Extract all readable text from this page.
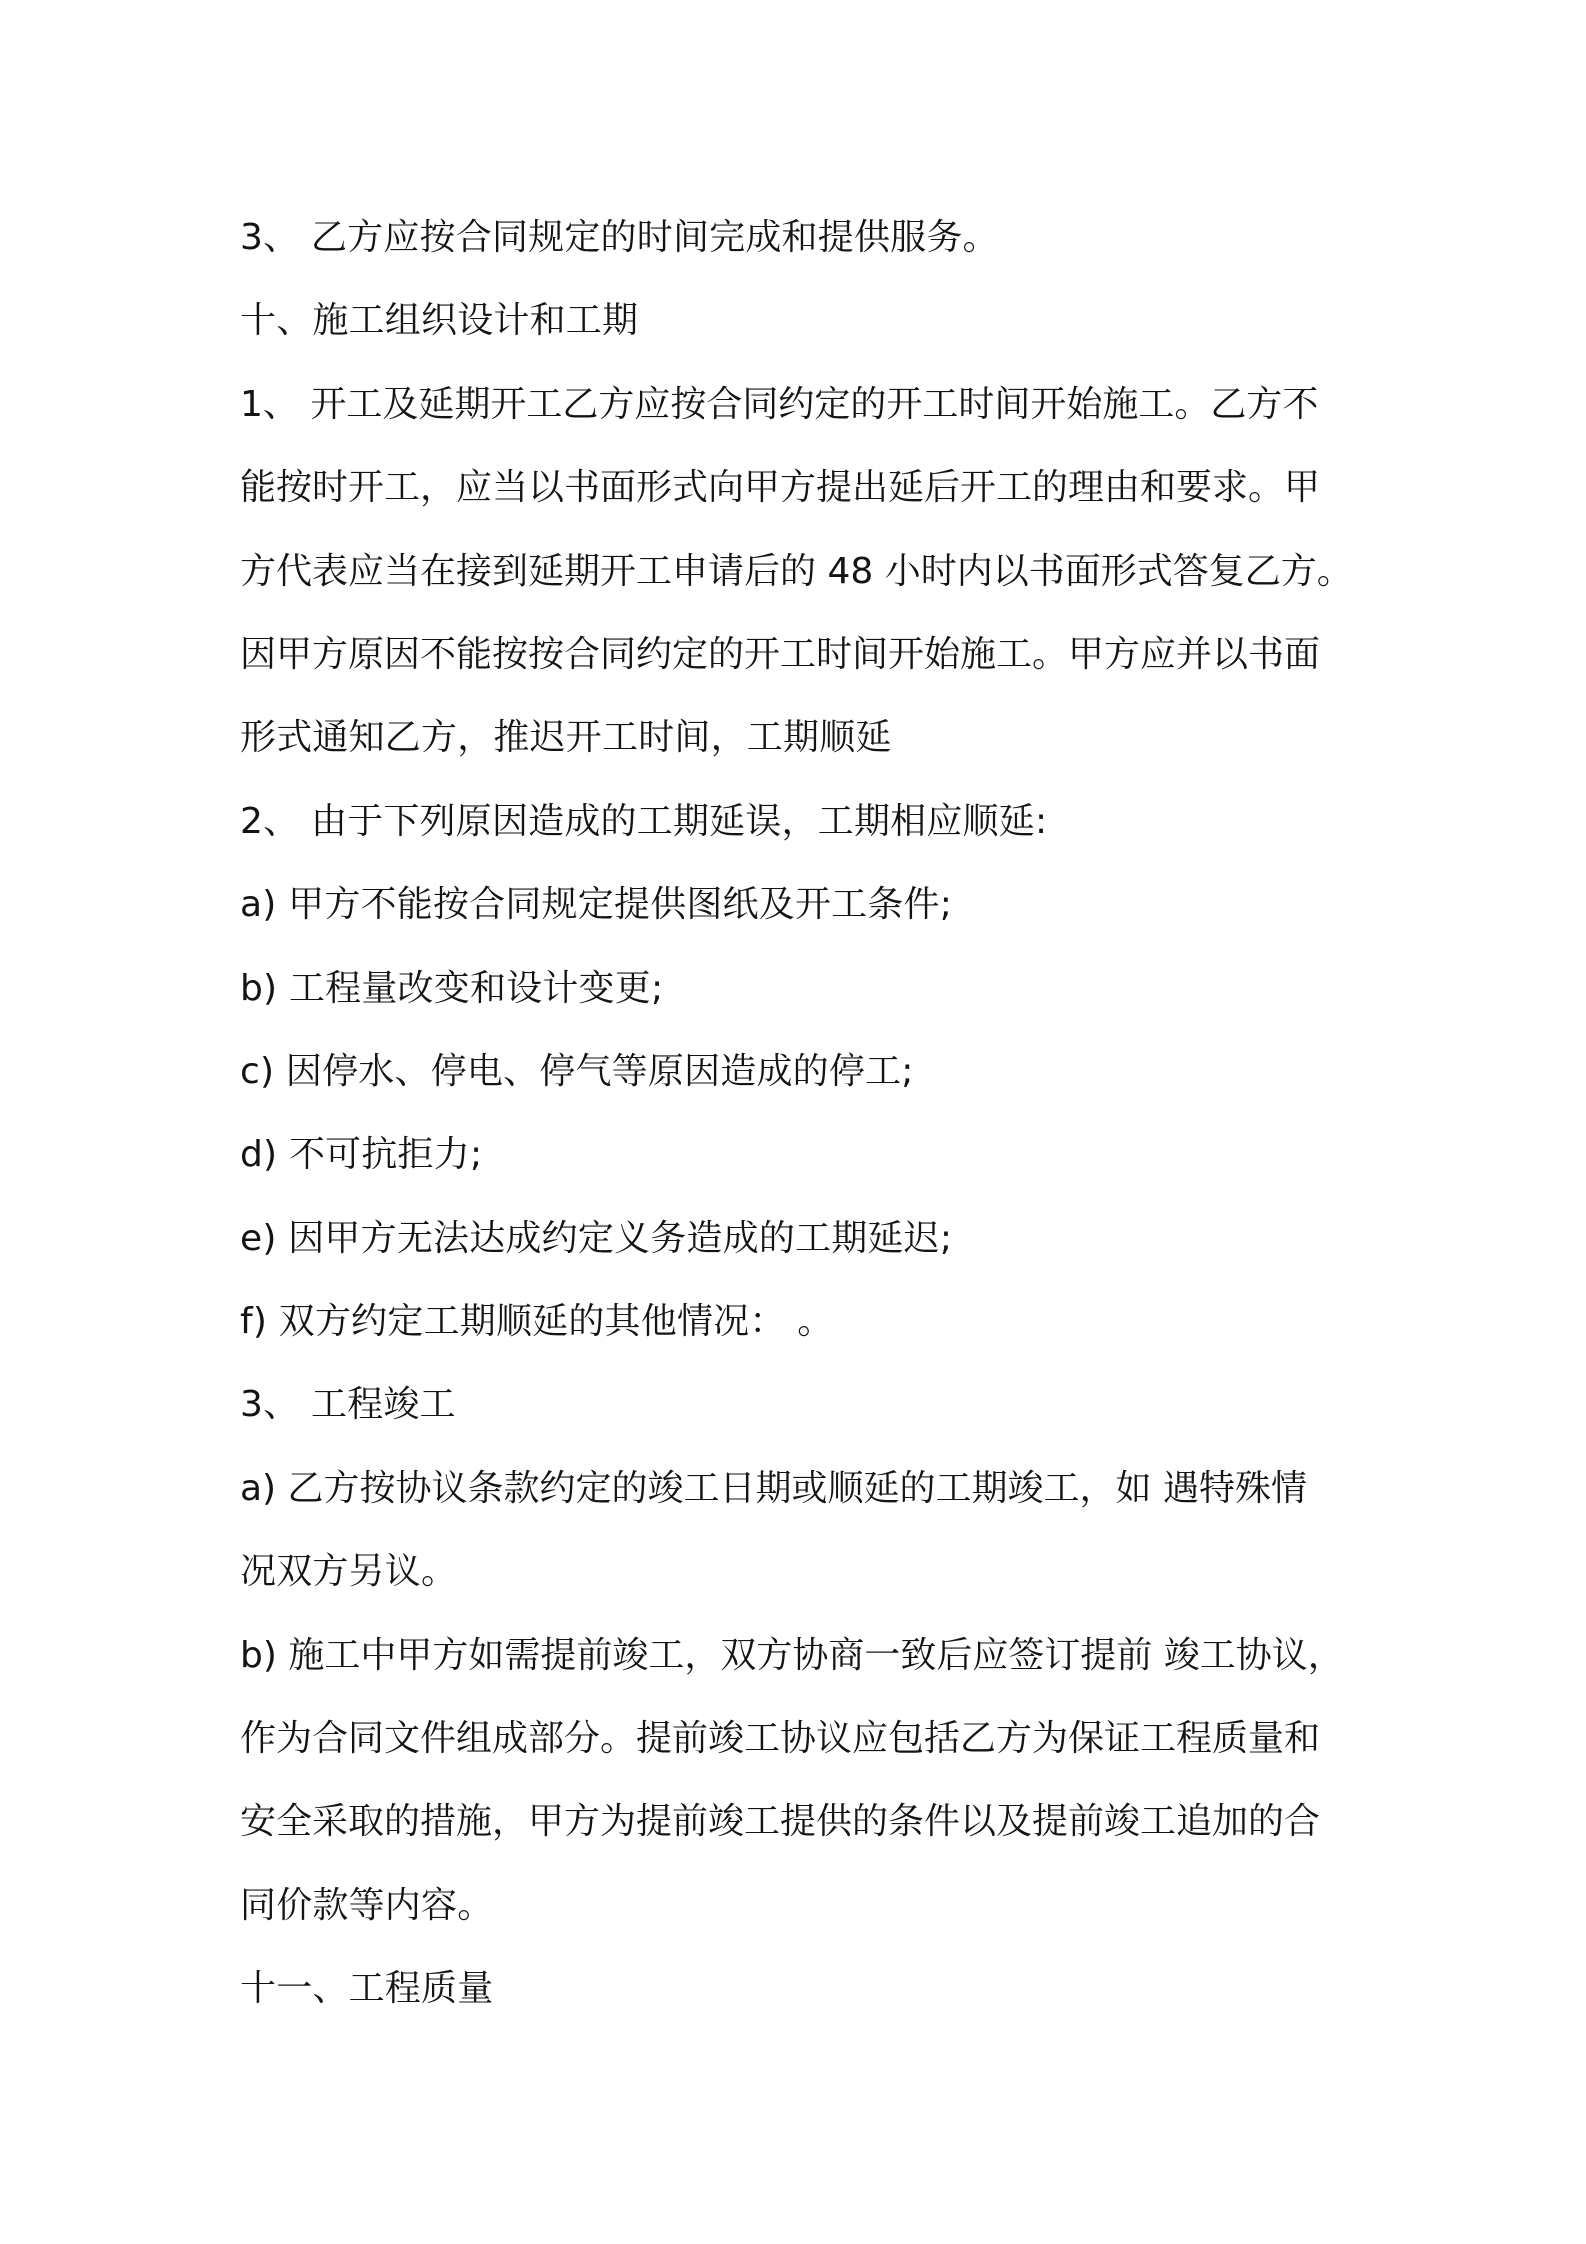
3、 乙方应按合同规定的时间完成和提供服务。
十、施工组织设计和工期
1、 开工及延期开工乙方应按合同约定的开工时间开始施工。乙方不
能按时开工，应当以书面形式向甲方提出延后开工的理由和要求。甲
方代表应当在接到延期开工申请后的 48 小时内以书面形式答复乙方。
因甲方原因不能按按合同约定的开工时间开始施工。甲方应并以书面
形式通知乙方，推迟开工时间，工期顺延
2、 由于下列原因造成的工期延误，工期相应顺延:
a) 甲方不能按合同规定提供图纸及开工条件;
b) 工程量改变和设计变更;
c) 因停水、停电、停气等原因造成的停工;
d) 不可抗拒力;
e) 因甲方无法达成约定义务造成的工期延迟;
f) 双方约定工期顺延的其他情况： 。
3、 工程竣工
a) 乙方按协议条款约定的竣工日期或顺延的工期竣工，如 遇特殊情
况双方另议。
b) 施工中甲方如需提前竣工，双方协商一致后应签订提前 竣工协议，
作为合同文件组成部分。提前竣工协议应包括乙方为保证工程质量和
安全采取的措施，甲方为提前竣工提供的条件以及提前竣工追加的合
同价款等内容。
十一、工程质量
